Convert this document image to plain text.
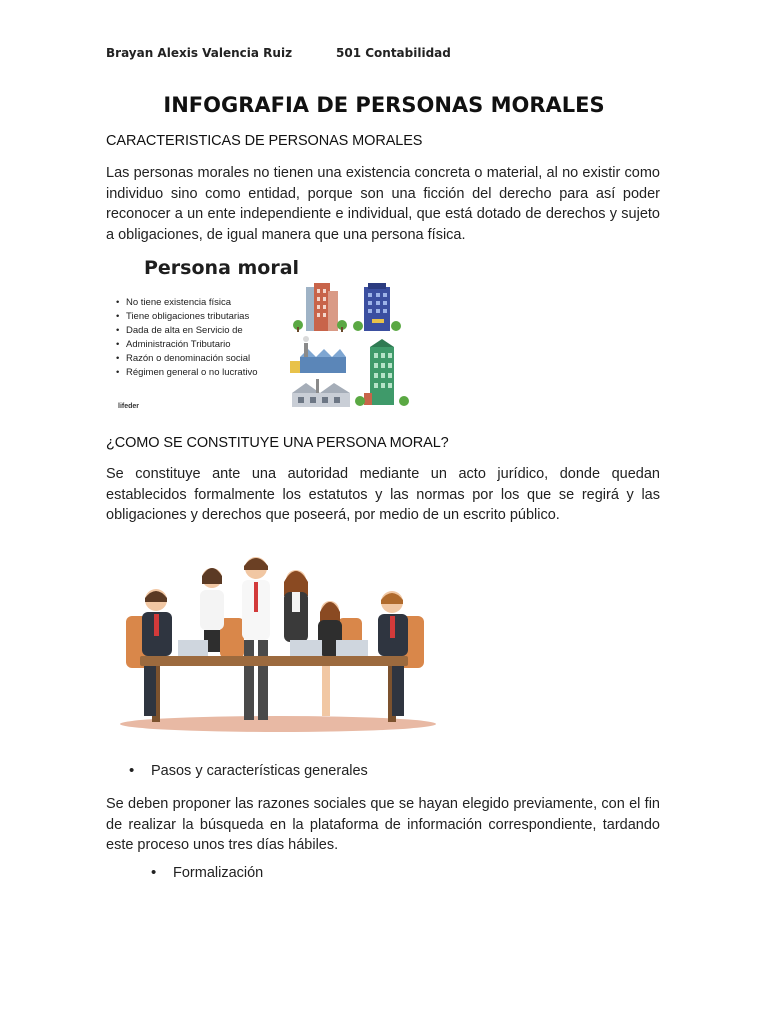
Brayan Alexis Valencia Ruiz	501 Contabilidad
INFOGRAFIA DE PERSONAS MORALES
CARACTERISTICAS DE PERSONAS MORALES

Las personas morales no tienen una existencia concreta o material, al no existir como individuo sino como entidad, porque son una ficción del derecho para así poder reconocer a un ente independiente e individual, que está dotado de derechos y sujeto a obligaciones, de igual manera que una persona física.

Persona moral
• No tiene existencia física
• Tiene obligaciones tributarias
• Dada de alta en Servicio de
• Administración Tributario
• Razón o denominación social
• Régimen general o no lucrativo
lifeder
¿COMO SE CONSTITUYE UNA PERSONA MORAL?

Se constituye ante una autoridad mediante un acto jurídico, donde quedan establecidos formalmente los estatutos y las normas por los que se regirá y las obligaciones y derechos que poseerá, por medio de un escrito público.

• Pasos y características generales

Se deben proponer las razones sociales que se hayan elegido previamente, con el fin de realizar la búsqueda en la plataforma de información correspondiente, tardando este proceso unos tres días hábiles.

• Formalización
